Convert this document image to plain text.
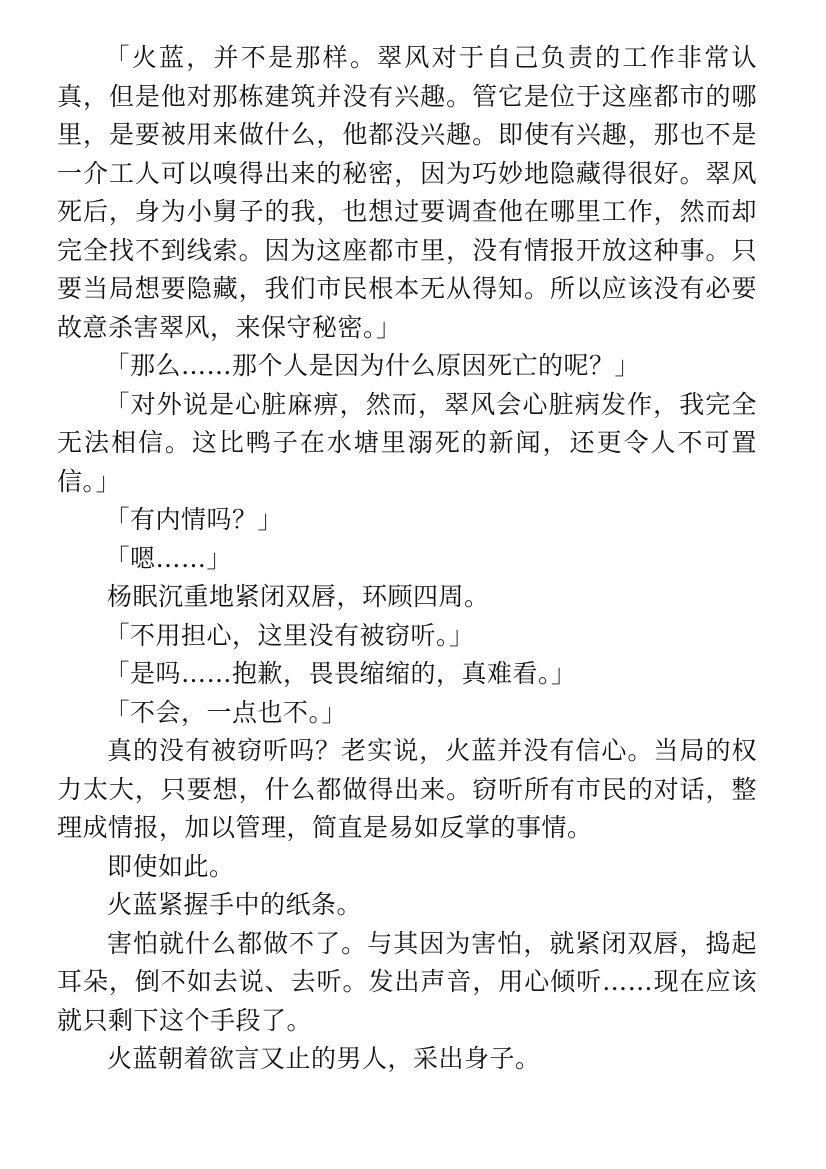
「火蓝，并不是那样。翠风对于自己负责的工作非常认真，但是他对那栋建筑并没有兴趣。管它是位于这座都市的哪里，是要被用来做什么，他都没兴趣。即使有兴趣，那也不是一介工人可以嗅得出来的秘密，因为巧妙地隐藏得很好。翠风死后，身为小舅子的我，也想过要调查他在哪里工作，然而却完全找不到线索。因为这座都市里，没有情报开放这种事。只要当局想要隐藏，我们市民根本无从得知。所以应该没有必要故意杀害翠风，来保守秘密。」

「那么……那个人是因为什么原因死亡的呢？」

「对外说是心脏麻痹，然而，翠风会心脏病发作，我完全无法相信。这比鸭子在水塘里溺死的新闻，还更令人不可置信。」

「有内情吗？」

「嗯……」

杨眠沉重地紧闭双唇，环顾四周。

「不用担心，这里没有被窃听。」

「是吗……抱歉，畏畏缩缩的，真难看。」

「不会，一点也不。」

真的没有被窃听吗？老实说，火蓝并没有信心。当局的权力太大，只要想，什么都做得出来。窃听所有市民的对话，整理成情报，加以管理，简直是易如反掌的事情。

即使如此。

火蓝紧握手中的纸条。

害怕就什么都做不了。与其因为害怕，就紧闭双唇，捣起耳朵，倒不如去说、去听。发出声音，用心倾听……现在应该就只剩下这个手段了。

火蓝朝着欲言又止的男人，采出身子。
